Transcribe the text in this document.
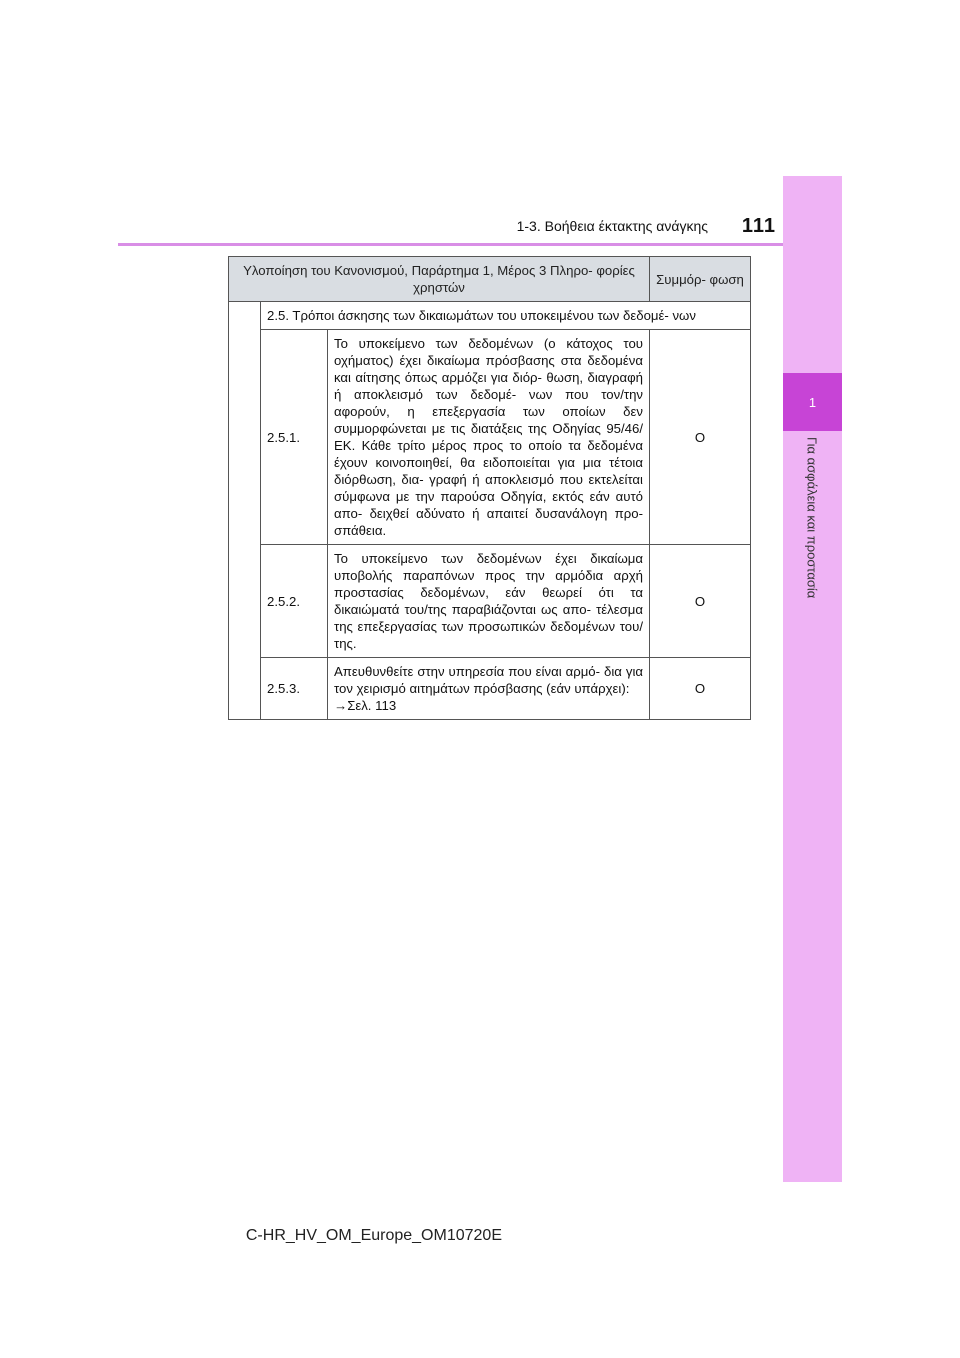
1-3. Βοήθεια έκτακτης ανάγκης	111
1
Για ασφάλεια και προστασία
Υλοποίηση του Κανονισμού, Παράρτημα 1, Μέρος 3 Πληρο- φορίες χρηστών			Συμμόρ- φωση
	2.5. Τρόποι άσκησης των δικαιωμάτων του υποκειμένου των δεδομέ- νων		
	2.5.1.	Το υποκείμενο των δεδομένων (ο κάτοχος του οχήματος) έχει δικαίωμα πρόσβασης στα δεδομένα και αίτησης όπως αρμόζει για διόρ- θωση, διαγραφή ή αποκλεισμό των δεδομέ- νων που τον/την αφορούν, η επεξεργασία των οποίων δεν συμμορφώνεται με τις διατάξεις της Οδηγίας 95/46/ΕΚ. Κάθε τρίτο μέρος προς το οποίο τα δεδομένα έχουν κοινοποιηθεί, θα ειδοποιείται για μια τέτοια διόρθωση, δια- γραφή ή αποκλεισμό που εκτελείται σύμφωνα με την παρούσα Οδηγία, εκτός εάν αυτό απο- δειχθεί αδύνατο ή απαιτεί δυσανάλογη προ- σπάθεια.	O
	2.5.2.	Το υποκείμενο των δεδομένων έχει δικαίωμα υποβολής παραπόνων προς την αρμόδια αρχή προστασίας δεδομένων, εάν θεωρεί ότι τα δικαιώματά του/της παραβιάζονται ως απο- τέλεσμα της επεξεργασίας των προσωπικών δεδομένων του/της.	O
	2.5.3.	Απευθυνθείτε στην υπηρεσία που είναι αρμό- δια για τον χειρισμό αιτημάτων πρόσβασης (εάν υπάρχει):
→Σελ. 113	O
C-HR_HV_OM_Europe_OM10720E
